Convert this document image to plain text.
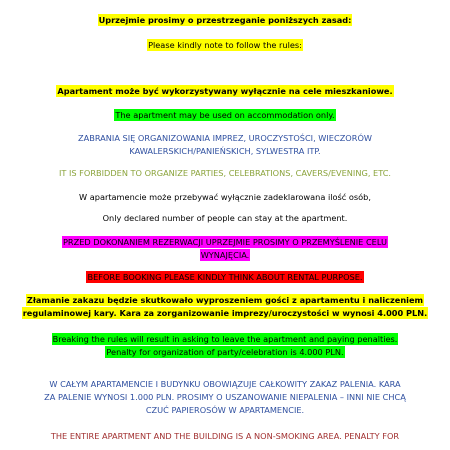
Uprzejmie prosimy o przestrzeganie poniższych zasad:
Please kindly note to follow the rules:
Apartament może być wykorzystywany wyłącznie na cele mieszkaniowe.
The apartment may be used on accommodation only.
ZABRANIA SIĘ ORGANIZOWANIA IMPREZ, UROCZYSTOŚCI, WIECZORÓW
KAWALERSKICH/PANIEŃSKICH, SYLWESTRA ITP.
IT IS FORBIDDEN TO ORGANIZE PARTIES, CELEBRATIONS, CAVERS/EVENING, ETC.
W apartamencie może przebywać wyłącznie zadeklarowana ilość osób,
Only declared number of people can stay at the apartment.
PRZED DOKONANIEM REZERWACJI UPRZEJMIE PROSIMY O PRZEMYŚLENIE CELU
WYNAJĘCIA.
BEFORE BOOKING PLEASE KINDLY THINK ABOUT RENTAL PURPOSE.
Złamanie zakazu będzie skutkowało wyproszeniem gości z apartamentu i naliczeniem
regulaminowej kary. Kara za zorganizowanie imprezy/uroczystości w wynosi 4.000 PLN.
Breaking the rules will result in asking to leave the apartment and paying penalties.
Penalty for organization of party/celebration is 4.000 PLN.
W CAŁYM APARTAMENCIE I BUDYNKU OBOWIĄZUJE CAŁKOWITY ZAKAZ PALENIA. KARA
ZA PALENIE WYNOSI 1.000 PLN. PROSIMY O USZANOWANIE NIEPALENIA – INNI NIE CHCĄ
CZUĆ PAPIEROSÓW W APARTAMENCIE.
THE ENTIRE APARTMENT AND THE BUILDING IS A NON-SMOKING AREA. PENALTY FOR
